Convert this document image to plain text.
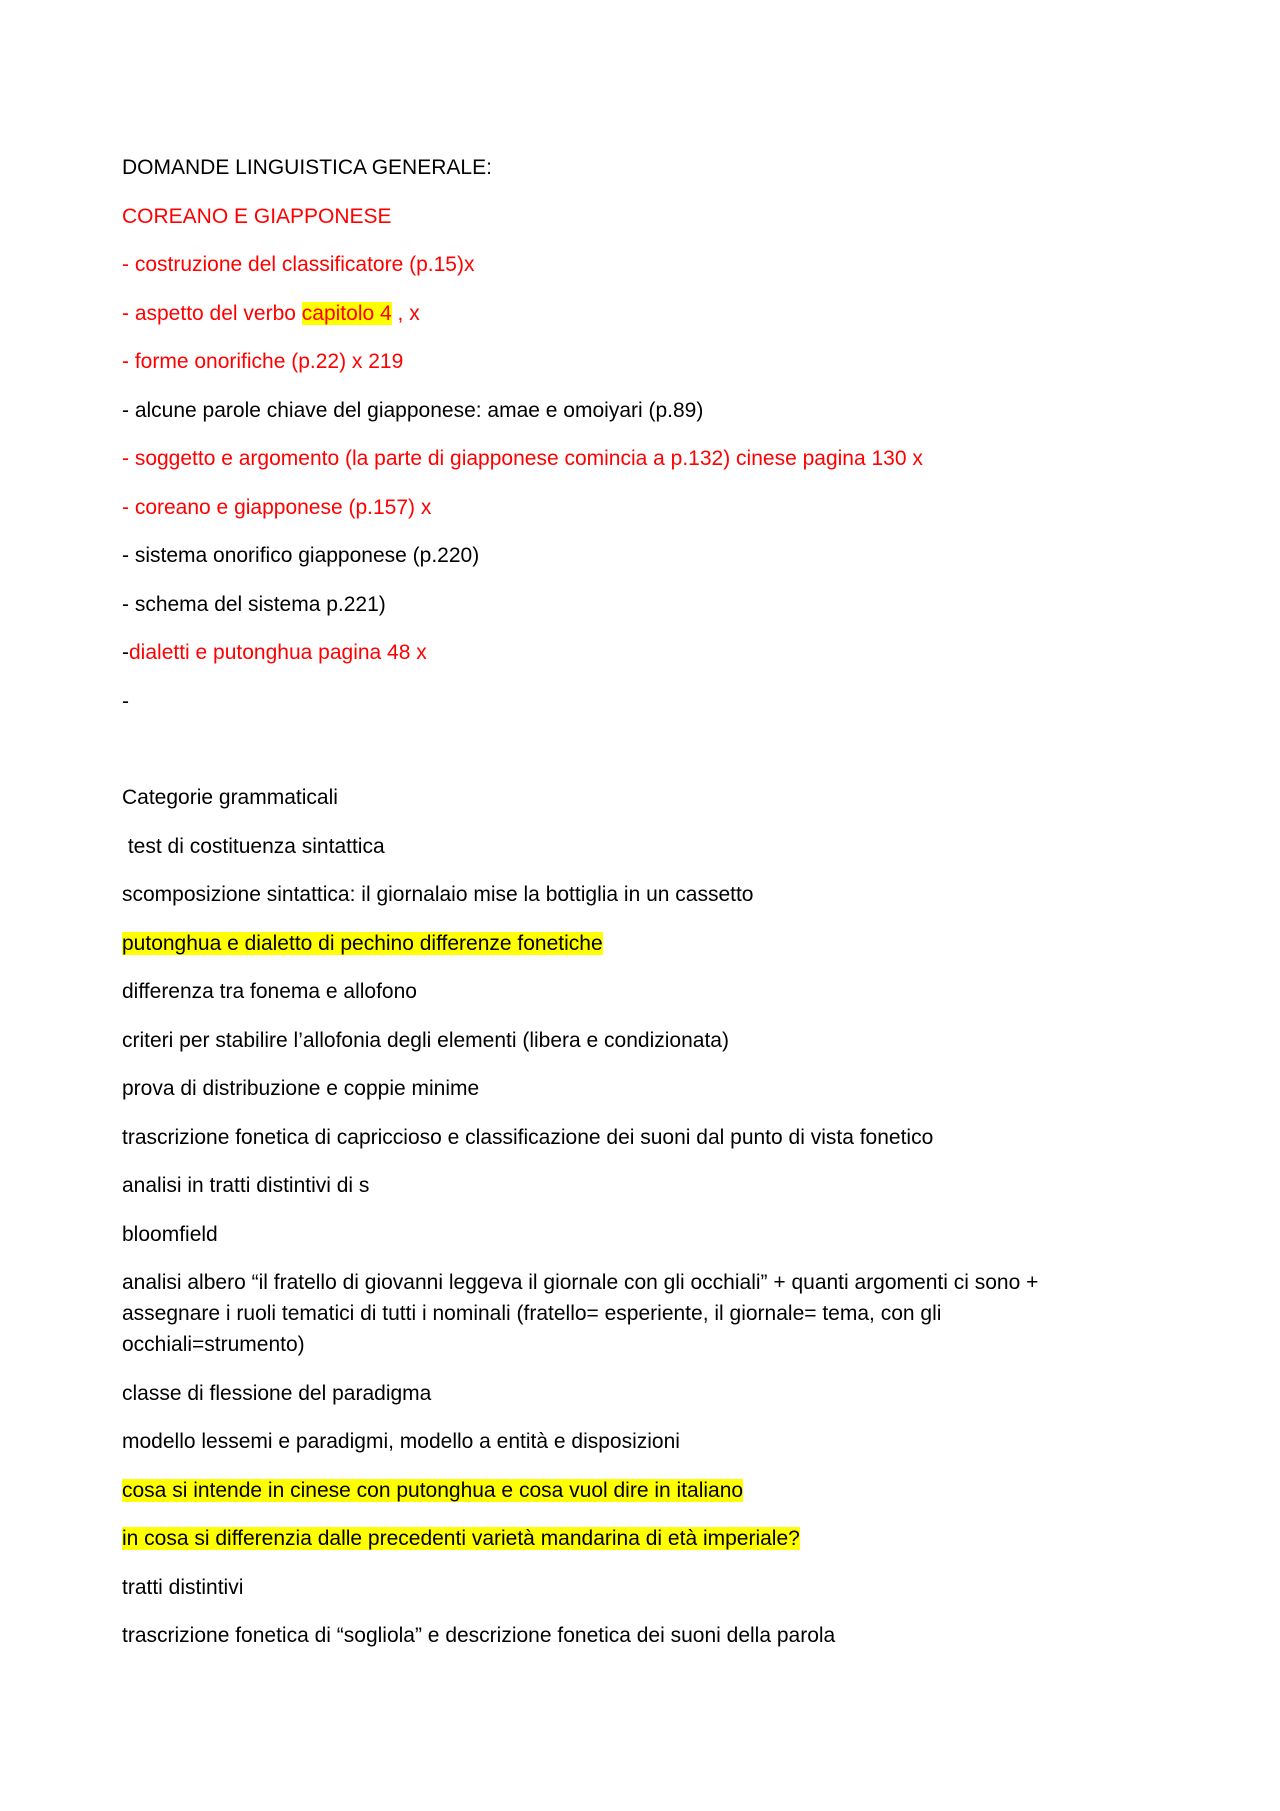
DOMANDE LINGUISTICA GENERALE:
COREANO E GIAPPONESE
- costruzione del classificatore (p.15)x
- aspetto del verbo capitolo 4 , x
- forme onorifiche (p.22) x 219
- alcune parole chiave del giapponese: amae e omoiyari (p.89)
- soggetto e argomento (la parte di giapponese comincia a p.132) cinese pagina 130 x
- coreano e giapponese (p.157) x
- sistema onorifico giapponese (p.220)
- schema del sistema p.221)
-dialetti e putonghua pagina 48 x
-
Categorie grammaticali
test di costituenza sintattica
scomposizione sintattica: il giornalaio mise la bottiglia in un cassetto
putonghua e dialetto di pechino differenze fonetiche
differenza tra fonema e allofono
criteri per stabilire l’allofonia degli elementi (libera e condizionata)
prova di distribuzione e coppie minime
trascrizione fonetica di capriccioso e classificazione dei suoni dal punto di vista fonetico
analisi in tratti distintivi di s
bloomfield
analisi albero “il fratello di giovanni leggeva il giornale con gli occhiali” + quanti argomenti ci sono + assegnare i ruoli tematici di tutti i nominali (fratello= esperiente, il giornale= tema, con gli occhiali=strumento)
classe di flessione del paradigma
modello lessemi e paradigmi, modello a entità e disposizioni
cosa si intende in cinese con putonghua e cosa vuol dire in italiano
in cosa si differenzia dalle precedenti varietà mandarina di età imperiale?
tratti distintivi
trascrizione fonetica di “sogliola” e descrizione fonetica dei suoni della parola
